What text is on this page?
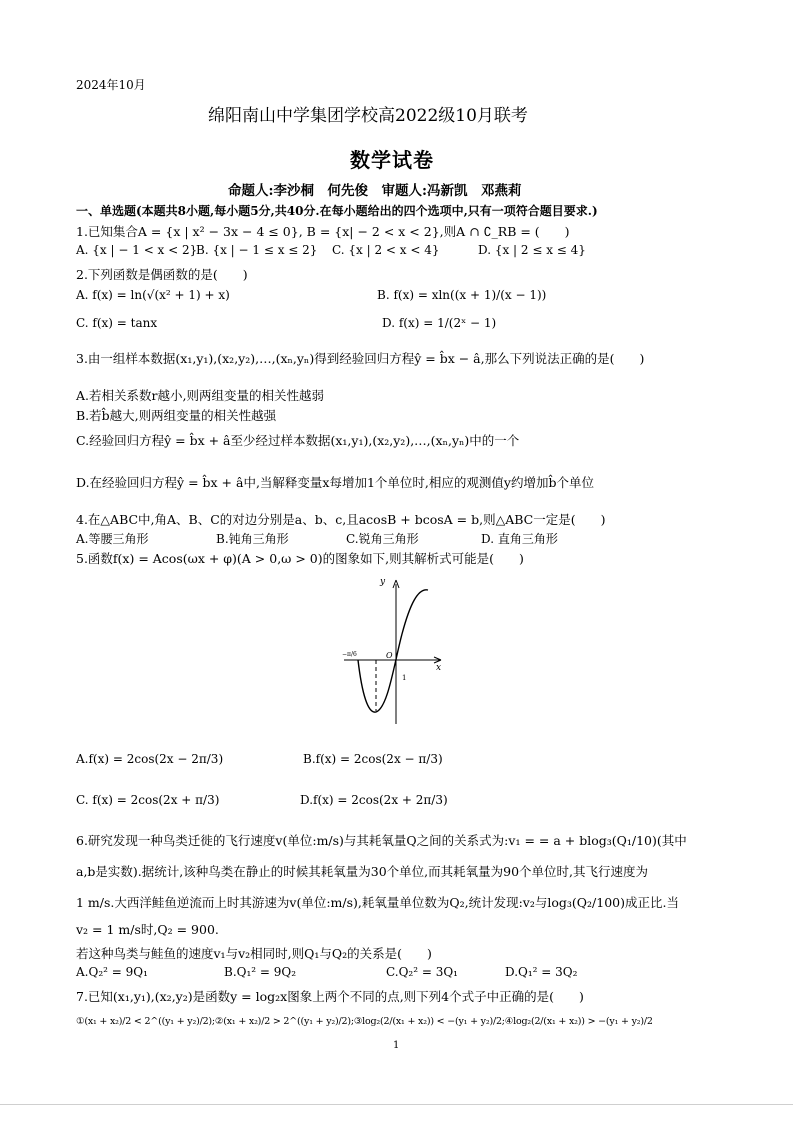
2024年10月
绵阳南山中学集团学校高2022级10月联考
数学试卷
命题人:李沙桐　何先俊　审题人:冯新凯　邓燕莉
一、单选题(本题共8小题,每小题5分,共40分.在每小题给出的四个选项中,只有一项符合题目要求.)
1.已知集合A = {x | x² − 3x − 4 ≤ 0}, B = {x| − 2 < x < 2},则A ∩ ∁_RB = (　　)
A. {x | − 1 < x < 2}
B. {x | − 1 ≤ x ≤ 2} C. {x | 2 < x < 4}	D. {x | 2 ≤ x ≤ 4}
2.下列函数是偶函数的是(　　)
A. f(x) = ln(√(x² + 1) + x)	B. f(x) = xln((x + 1)/(x − 1))
C. f(x) = tanx	D. f(x) = 1/(2ˣ − 1)
3.由一组样本数据(x₁,y₁),(x₂,y₂),…,(xₙ,yₙ)得到经验回归方程ŷ = b̂x − â,那么下列说法正确的是(　　)
A.若相关系数r越小,则两组变量的相关性越弱
B.若b̂越大,则两组变量的相关性越强
C.经验回归方程ŷ = b̂x + â至少经过样本数据(x₁,y₁),(x₂,y₂),…,(xₙ,yₙ)中的一个
D.在经验回归方程ŷ = b̂x + â中,当解释变量x每增加1个单位时,相应的观测值y约增加b̂个单位
4.在△ABC中,角A、B、C的对边分别是a、b、c,且acosB + bcosA = b,则△ABC一定是(　　)
A.等腰三角形	B.钝角三角形	C.锐角三角形	D. 直角三角形
5.函数f(x) = Acos(ωx + φ)(A > 0,ω > 0)的图象如下,则其解析式可能是(　　)
y
x
O
−π/6
1
A.f(x) = 2cos(2x − 2π/3)	B.f(x) = 2cos(2x − π/3)
C. f(x) = 2cos(2x + π/3)	D.f(x) = 2cos(2x + 2π/3)
6.研究发现一种鸟类迁徙的飞行速度v(单位:m/s)与其耗氧量Q之间的关系式为:v₁ = = a + blog₃(Q₁/10)(其中
a,b是实数).据统计,该种鸟类在静止的时候其耗氧量为30个单位,而其耗氧量为90个单位时,其飞行速度为
1 m/s.大西洋鲑鱼逆流而上时其游速为v(单位:m/s),耗氧量单位数为Q₂,统计发现:v₂与log₃(Q₂/100)成正比.当
v₂ = 1 m/s时,Q₂ = 900.
若这种鸟类与鲑鱼的速度v₁与v₂相同时,则Q₁与Q₂的关系是(　　)
A.Q₂² = 9Q₁	B.Q₁² = 9Q₂	C.Q₂² = 3Q₁	D.Q₁² = 3Q₂
7.已知(x₁,y₁),(x₂,y₂)是函数y = log₂x图象上两个不同的点,则下列4个式子中正确的是(　　)
①(x₁ + x₂)/2 < 2^((y₁ + y₂)/2);②(x₁ + x₂)/2 > 2^((y₁ + y₂)/2);③log₂(2/(x₁ + x₂)) < −(y₁ + y₂)/2;④log₂(2/(x₁ + x₂)) > −(y₁ + y₂)/2
1
